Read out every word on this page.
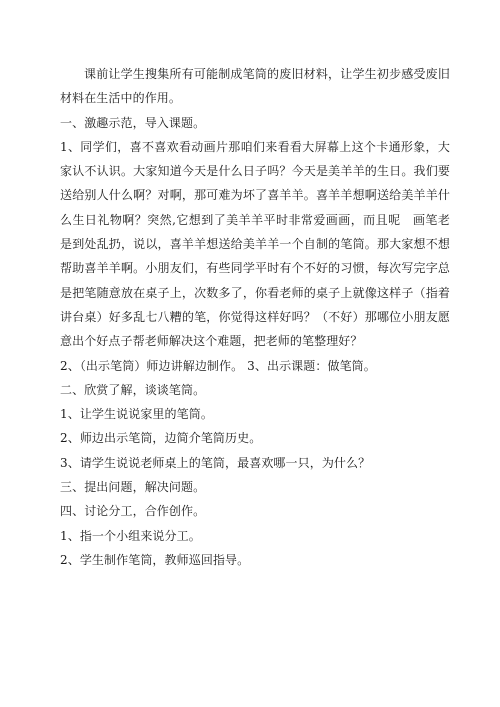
课前让学生搜集所有可能制成笔筒的废旧材料，让学生初步感受废旧材料在生活中的作用。

一、激趣示范，导入课题。

1、同学们，喜不喜欢看动画片那咱们来看看大屏幕上这个卡通形象，大家认不认识。大家知道今天是什么日子吗？今天是美羊羊的生日。我们要送给别人什么啊？对啊，那可难为坏了喜羊羊。喜羊羊想啊送给美羊羊什么生日礼物啊？突然,它想到了美羊羊平时非常爱画画，而且呢　画笔老是到处乱扔，说以，喜羊羊想送给美羊羊一个自制的笔筒。那大家想不想帮助喜羊羊啊。小朋友们，有些同学平时有个不好的习惯，每次写完字总是把笔随意放在桌子上，次数多了，你看老师的桌子上就像这样子（指着讲台桌）好多乱七八糟的笔，你觉得这样好吗？（不好）那哪位小朋友愿意出个好点子帮老师解决这个难题，把老师的笔整理好？

2、（出示笔筒）师边讲解边制作。 3、出示课题：做笔筒。

二、欣赏了解，谈谈笔筒。

1、让学生说说家里的笔筒。

2、师边出示笔筒，边简介笔筒历史。

3、请学生说说老师桌上的笔筒，最喜欢哪一只，为什么？

三、提出问题，解决问题。

四、讨论分工，合作创作。

1、指一个小组来说分工。

2、学生制作笔筒，教师巡回指导。
